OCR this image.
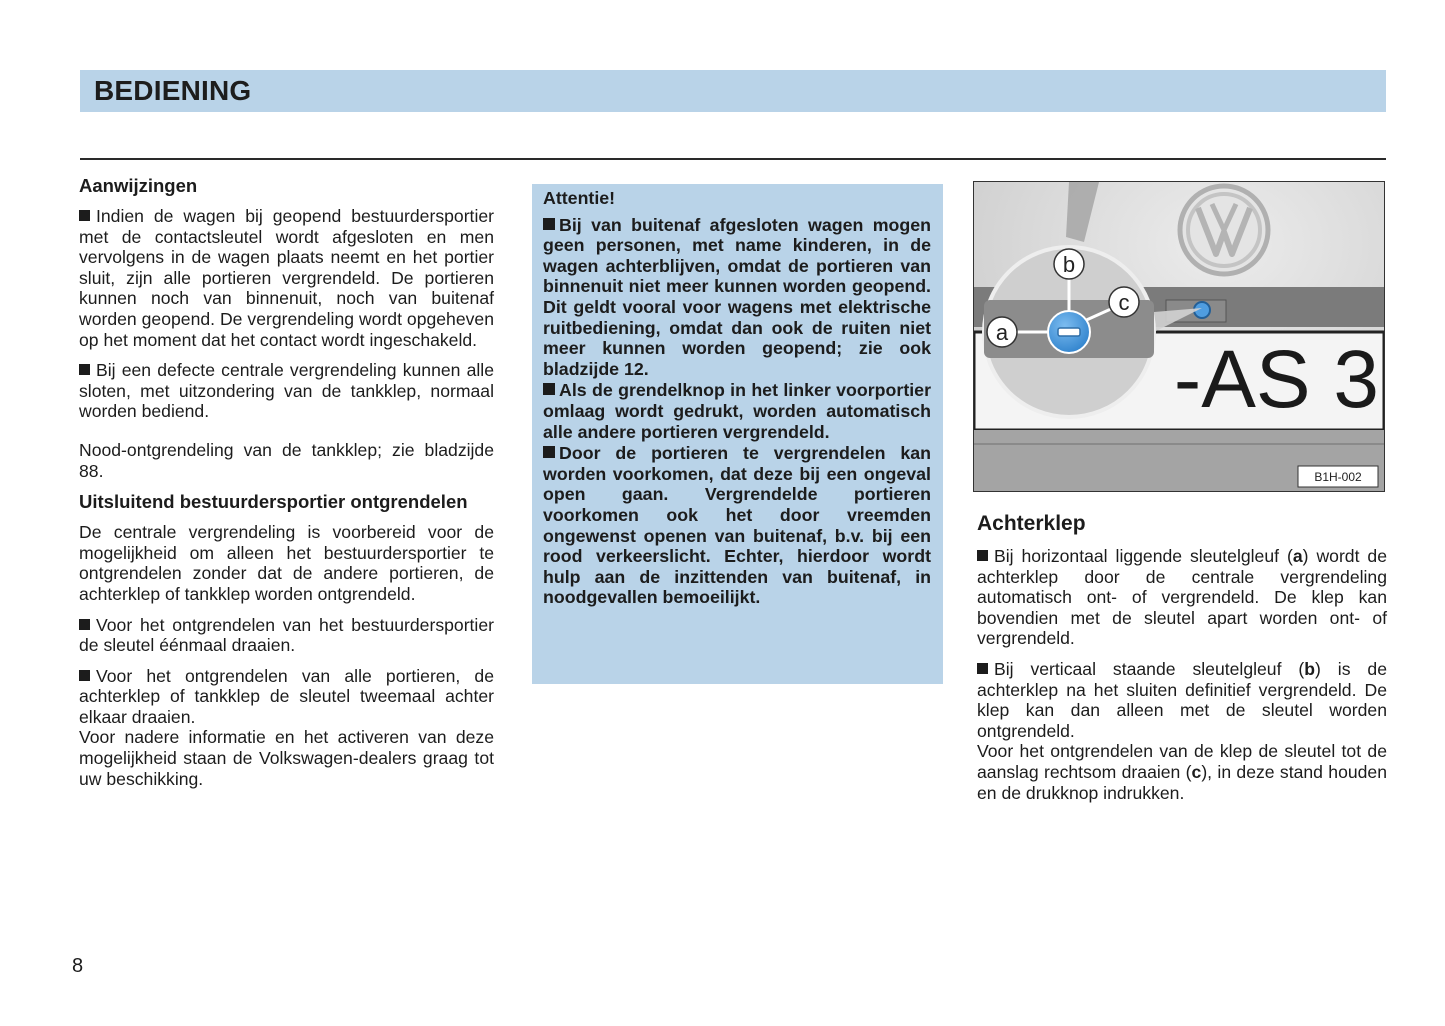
BEDIENING

Aanwijzingen

Indien de wagen bij geopend bestuurdersportier met de contactsleutel wordt afgesloten en men vervolgens in de wagen plaats neemt en het portier sluit, zijn alle portieren vergrendeld. De portieren kunnen noch van binnenuit, noch van buitenaf worden geopend. De vergrendeling wordt opgeheven op het moment dat het contact wordt ingeschakeld.

Bij een defecte centrale vergrendeling kunnen alle sloten, met uitzondering van de tankklep, normaal worden bediend.

Nood-ontgrendeling van de tankklep; zie bladzijde 88.

Uitsluitend bestuurdersportier ontgrendelen

De centrale vergrendeling is voorbereid voor de mogelijkheid om alleen het bestuurdersportier te ontgrendelen zonder dat de andere portieren, de achterklep of tankklep worden ontgrendeld.

Voor het ontgrendelen van het bestuurdersportier de sleutel éénmaal draaien.

Voor het ontgrendelen van alle portieren, de achterklep of tankklep de sleutel tweemaal achter elkaar draaien.

Voor nadere informatie en het activeren van deze mogelijkheid staan de Volkswagen-dealers graag tot uw beschikking.

Attentie!

Bij van buitenaf afgesloten wagen mogen geen personen, met name kinderen, in de wagen achterblijven, omdat de portieren van binnenuit niet meer kunnen worden geopend. Dit geldt vooral voor wagens met elektrische ruitbediening, omdat dan ook de ruiten niet meer kunnen worden geopend; zie ook bladzijde 12.

Als de grendelknop in het linker voorportier omlaag wordt gedrukt, worden automatisch alle andere portieren vergrendeld.

Door de portieren te vergrendelen kan worden voorkomen, dat deze bij een ongeval open gaan. Vergrendelde portieren voorkomen ook het door vreemden ongewenst openen van buitenaf, b.v. bij een rood verkeerslicht. Echter, hierdoor wordt hulp aan de inzittenden van buitenaf, in noodgevallen bemoeilijkt.

-AS 3
a
b
c
B1H-002

Achterklep

Bij horizontaal liggende sleutelgleuf (a) wordt de achterklep door de centrale vergrendeling automatisch ont- of vergrendeld. De klep kan bovendien met de sleutel apart worden ont- of vergrendeld.

Bij verticaal staande sleutelgleuf (b) is de achterklep na het sluiten definitief vergrendeld. De klep kan dan alleen met de sleutel worden ontgrendeld.

Voor het ontgrendelen van de klep de sleutel tot de aanslag rechtsom draaien (c), in deze stand houden en de drukknop indrukken.

8
